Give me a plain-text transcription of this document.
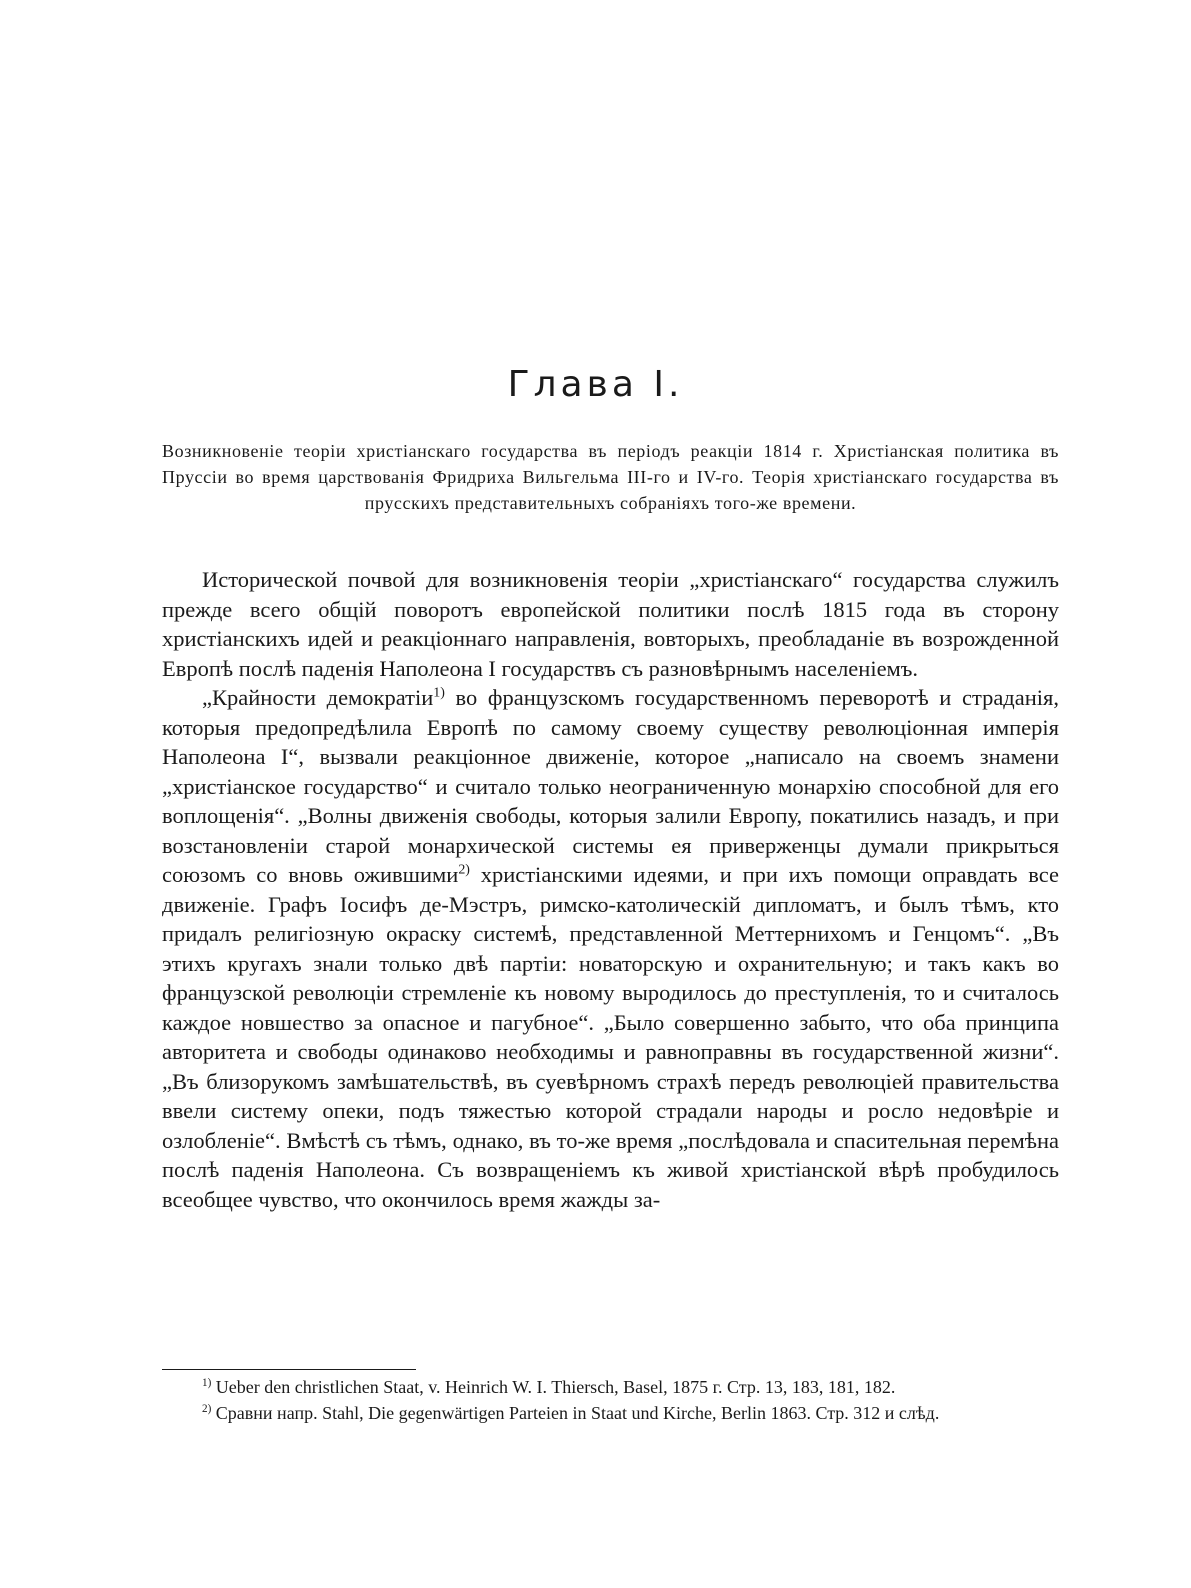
Глава I.

Возникновеніе теоріи христіанскаго государства въ періодъ реакціи 1814 г. Христіанская политика въ Пруссіи во время царствованія Фридриха Вильгельма III-го и IV-го. Теорія христіанскаго государства въ прусскихъ представительныхъ собраніяхъ того-же времени.

Исторической почвой для возникновенія теоріи „христіанскаго“ государства служилъ прежде всего общій поворотъ европейской политики послѣ 1815 года въ сторону христіанскихъ идей и реакціоннаго направленія, вовторыхъ, преобладаніе въ возрожденной Европѣ послѣ паденія Наполеона I государствъ съ разновѣрнымъ населеніемъ.

„Крайности демократіи$^{1)}$ во французскомъ государственномъ переворотѣ и страданія, которыя предопредѣлила Европѣ по самому своему существу революціонная имперія Наполеона I“, вызвали реакціонное движеніе, которое „написало на своемъ знамени „христіанское государство“ и считало только неограниченную монархію способной для его воплощенія“. „Волны движенія свободы, которыя залили Европу, покатились назадъ, и при возстановленіи старой монархической системы ея приверженцы думали прикрыться союзомъ со вновь ожившими$^{2)}$ христіанскими идеями, и при ихъ помощи оправдать все движеніе. Графъ Іосифъ де-Мэстръ, римско-католическій дипломатъ, и былъ тѣмъ, кто придалъ религіозную окраску системѣ, представленной Меттернихомъ и Генцомъ“. „Въ этихъ кругахъ знали только двѣ партіи: новаторскую и охранительную; и такъ какъ во французской революціи стремленіе къ новому выродилось до преступленія, то и считалось каждое новшество за опасное и пагубное“. „Было совершенно забыто, что оба принципа авторитета и свободы одинаково необходимы и равноправны въ государственной жизни“. „Въ близорукомъ замѣшательствѣ, въ суевѣрномъ страхѣ передъ революціей правительства ввели систему опеки, подъ тяжестью которой страдали народы и росло недовѣріе и озлобленіе“. Вмѣстѣ съ тѣмъ, однако, въ то-же время „послѣдовала и спасительная перемѣна послѣ паденія Наполеона. Съ возвращеніемъ къ живой христіанской вѣрѣ пробудилось всеобщее чувство, что окончилось время жажды за-

$^{1)}$ Ueber den christlichen Staat, v. Heinrich W. I. Thiersch, Basel, 1875 г. Стр. 13, 183, 181, 182.

$^{2)}$ Сравни напр. Stahl, Die gegenwärtigen Parteien in Staat und Kirche, Berlin 1863. Стр. 312 и слѣд.
